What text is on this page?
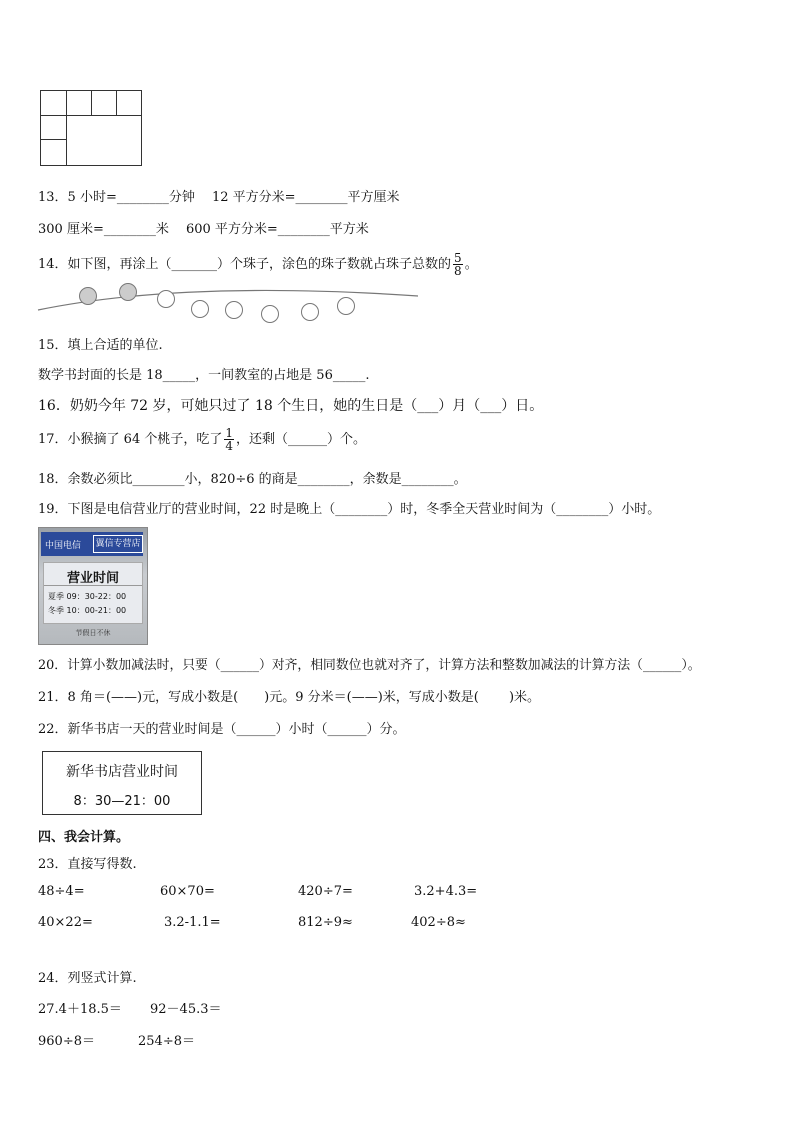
13．5 小时=________分钟　 12 平方分米=________平方厘米
300 厘米=________米　 600 平方分米=________平方米
14．如下图，再涂上（_______）个珠子，涂色的珠子数就占珠子总数的 $\frac{5}{8}$ 。
15．填上合适的单位.
数学书封面的长是 18_____，一间教室的占地是 56_____.
16．奶奶今年 72 岁，可她只过了 18 个生日，她的生日是（___）月（___）日。
17．小猴摘了 64 个桃子，吃了 $\frac{1}{4}$ ，还剩（______）个。
18．余数必须比________小，820÷6 的商是________，余数是________。
19．下图是电信营业厅的营业时间，22 时是晚上（________）时，冬季全天营业时间为（________）小时。
中国电信 翼信专营店
营业时间
夏季 09：30-22：00
冬季 10：00-21：00
节假日不休
20．计算小数加减法时，只要（______）对齐，相同数位也就对齐了，计算方法和整数加减法的计算方法（______）。
21．8 角＝(——)元，写成小数是(　　)元。9 分米＝(——)米，写成小数是(　　 )米。
22．新华书店一天的营业时间是（______）小时（______）分。
新华书店营业时间
8：30—21：00
四、我会计算。
23．直接写得数.
48÷4=	60×70=	420÷7=	3.2+4.3=
40×22=	3.2-1.1=	812÷9≈	402÷8≈
24．列竖式计算.
27.4＋18.5＝ 92－45.3＝
960÷8＝	254÷8＝
